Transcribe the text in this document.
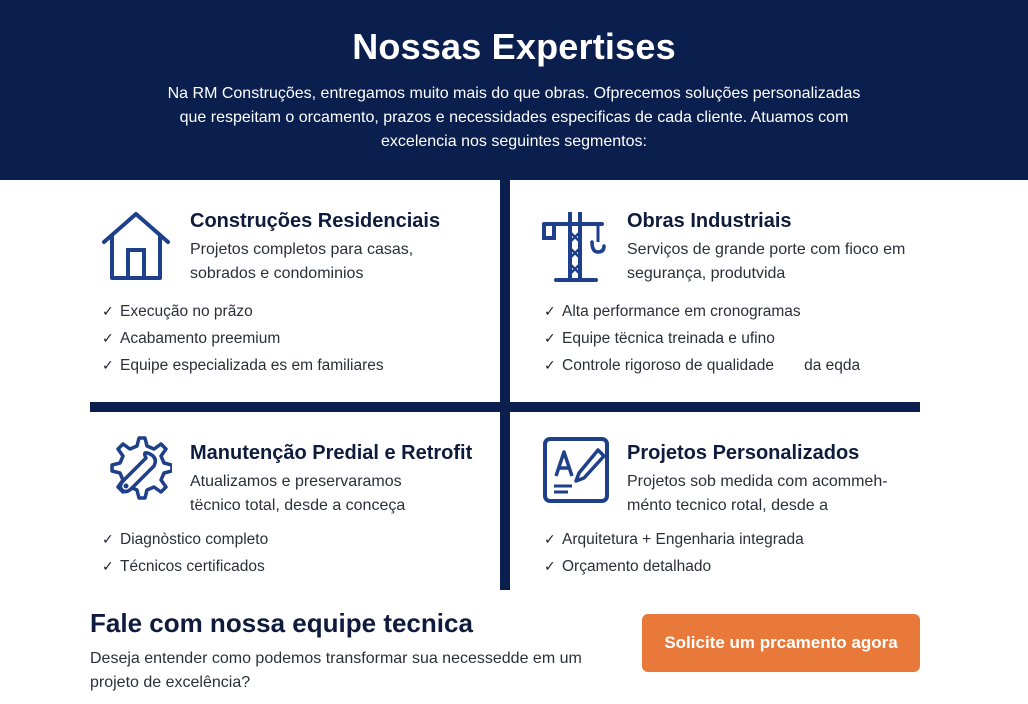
Nossas Expertises

Na RM Construções, entregamos muito mais do que obras. Ofprecemos soluções personalizadas que respeitam o orcamento, prazos e necessidades especificas de cada cliente. Atuamos com excelencia nos seguintes segmentos:

Construções Residenciais
Projetos completos para casas, sobrados e condominios
✓ Execução no prãzo
✓ Acabamento preemium
✓ Equipe especializada es em familiares
Obras Industriais
Serviços de grande porte com fioco em segurança, produtvida
✓ Alta performance em cronogramas
✓ Equipe tëcnica treinada e ufino
✓ Controle rigoroso de qualidade       da eqda
Manutenção Predial e Retrofit
Atualizamos e preservaramos tëcnico total, desde a conceça
✓ Diagnòstico completo
✓ Técnicos certificados
Projetos Personalizados
Projetos sob medida com acommeh-ménto tecnico rotal, desde a
✓ Arquitetura + Engenharia integrada
✓ Orçamento detalhado
Fale com nossa equipe tecnica

Deseja entender como podemos transformar sua necessedde em um projeto de excelência?

Solicite um prcamento agora
